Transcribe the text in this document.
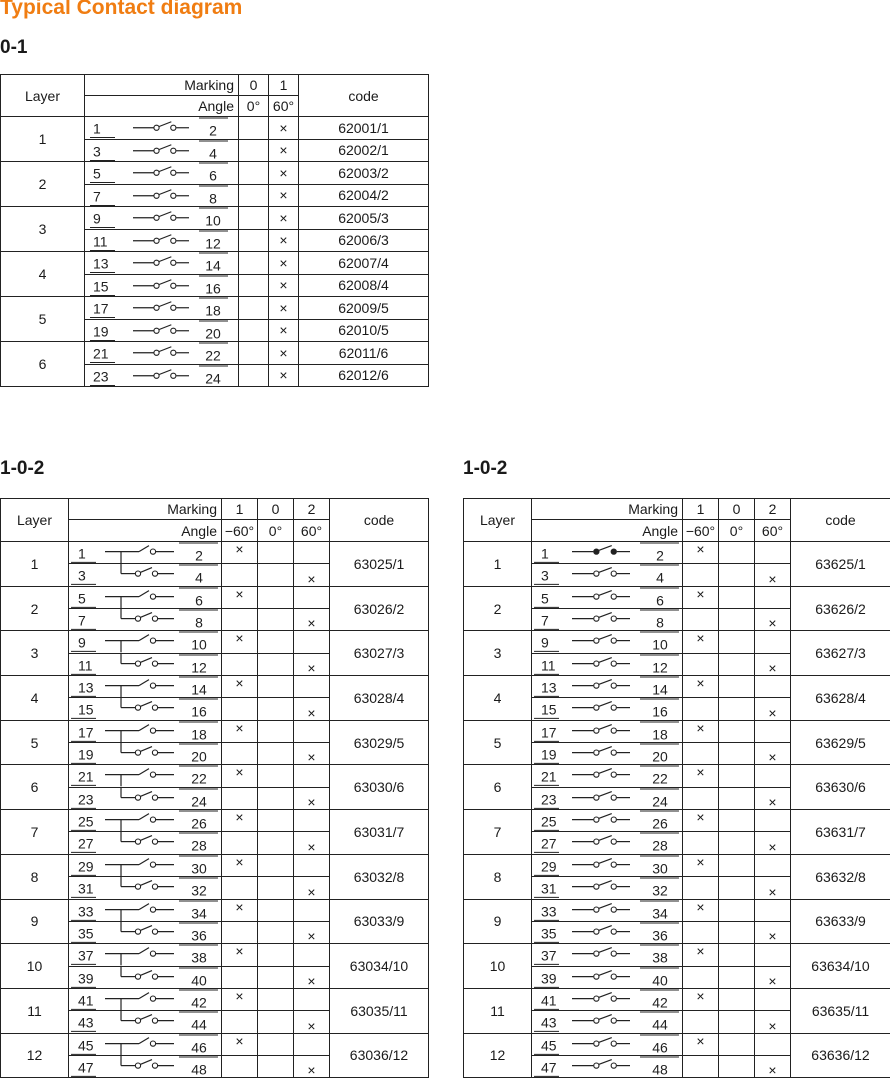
Typical Contact diagram
0-1
1-0-2	1-0-2
Layer	Marking	0	1	code
	Angle	0°	60°	
1	1 2		×	62001/1

3 4		×	62002/1
2	5 6		×	62003/2

7 8		×	62004/2
3	9 10		×	62005/3

11 12		×	62006/3
4	13 14		×	62007/4

15 16		×	62008/4
5	17 18		×	62009/5

19 20		×	62010/5
6	21 22		×	62011/6

23 24		×	62012/6
Layer	Marking	1	0	2	code
	Angle	−60°	0°	60°	
1	1 2	×			63025/1

3 4			×	
2	5 6	×			63026/2

7 8			×	
3	9 10	×			63027/3

11 12			×	
4	13 14	×			63028/4

15 16			×	
5	17 18	×			63029/5

19 20			×	
6	21 22	×			63030/6

23 24			×	
7	25 26	×			63031/7

27 28			×	
8	29 30	×			63032/8

31 32			×	
9	33 34	×			63033/9

35 36			×	
10	37 38	×			63034/10

39 40			×	
11	41 42	×			63035/11

43 44			×	
12	45 46	×			63036/12

47 48			×	
Layer	Marking	1	0	2	code
	Angle	−60°	0°	60°	
1	1 2	×			63625/1

3 4			×	
2	5 6	×			63626/2

7 8			×	
3	9 10	×			63627/3

11 12			×	
4	13 14	×			63628/4

15 16			×	
5	17 18	×			63629/5

19 20			×	
6	21 22	×			63630/6

23 24			×	
7	25 26	×			63631/7

27 28			×	
8	29 30	×			63632/8

31 32			×	
9	33 34	×			63633/9

35 36			×	
10	37 38	×			63634/10

39 40			×	
11	41 42	×			63635/11

43 44			×	
12	45 46	×			63636/12

47 48			×	
